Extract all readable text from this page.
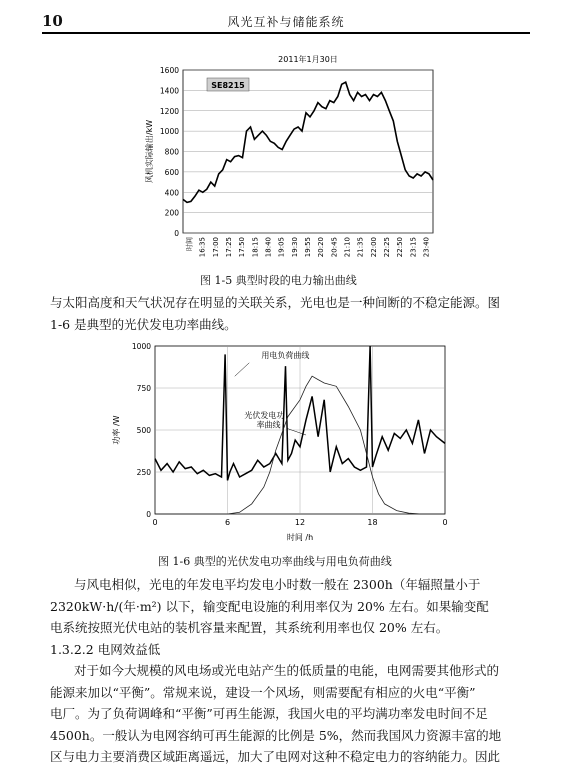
10	风光互补与储能系统
2011年1月30日
0
200
400
600
800
1000
1200
1400
1600
SE8215
风机实际输出/kW
时间 16:35 17:00 17:25 17:50 18:15 18:40 19:05 19:30 19:55 20:20 20:45 21:10 21:35 22:00 22:25 22:50 23:15 23:40
图 1-5 典型时段的电力输出曲线
与太阳高度和天气状况存在明显的关联关系，光电也是一种间断的不稳定能源。图
1-6 是典型的光伏发电功率曲线。
0
250
500
750
1000
0	6	12	18	0
时间 /h
功率 /W
用电负荷曲线
光伏发电功
率曲线
图 1-6 典型的光伏发电功率曲线与用电负荷曲线
与风电相似，光电的年发电平均发电小时数一般在 2300h（年辐照量小于
2320kW·h/(年·m²) 以下，输变配电设施的利用率仅为 20% 左右。如果输变配
电系统按照光伏电站的装机容量来配置，其系统利用率也仅 20% 左右。
1.3.2.2 电网效益低
对于如今大规模的风电场或光电站产生的低质量的电能，电网需要其他形式的
能源来加以“平衡”。常规来说，建设一个风场，则需要配有相应的火电“平衡”
电厂。为了负荷调峰和“平衡”可再生能源，我国火电的平均满功率发电时间不足
4500h。一般认为电网容纳可再生能源的比例是 5%，然而我国风力资源丰富的地
区与电力主要消费区域距离遥远，加大了电网对这种不稳定电力的容纳能力。因此
